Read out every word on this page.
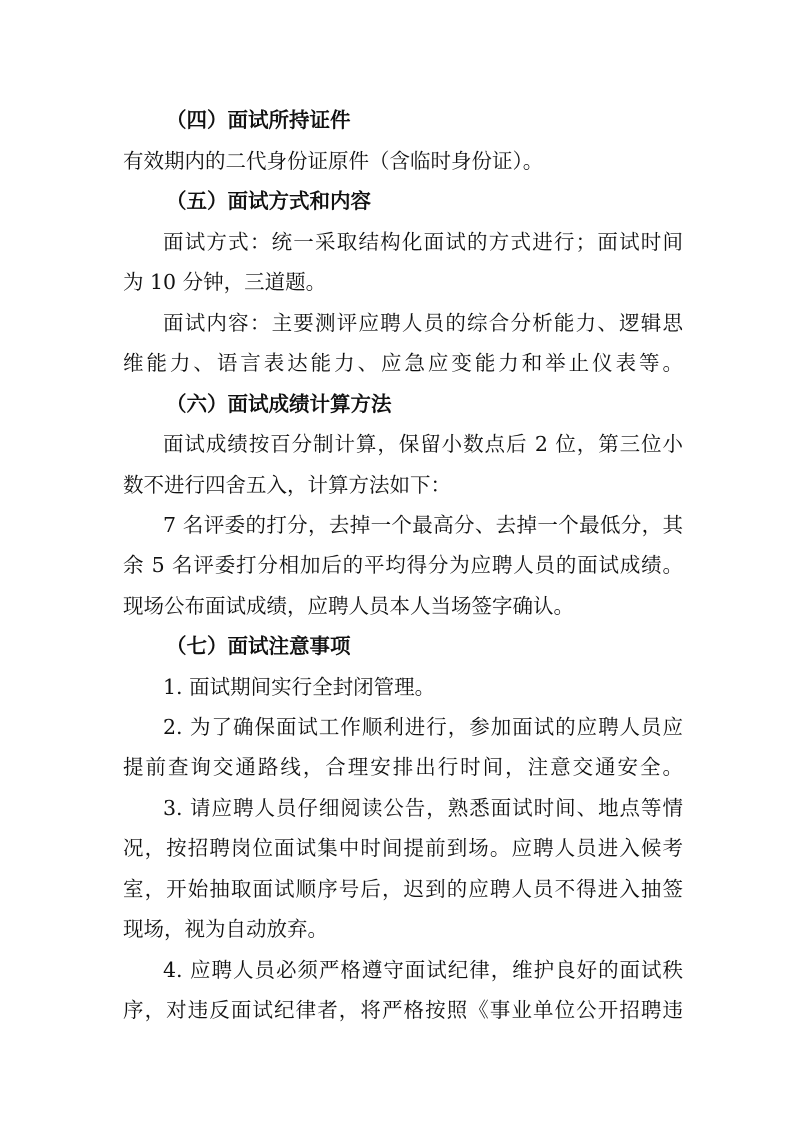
（四）面试所持证件
有效期内的二代身份证原件（含临时身份证）。
（五）面试方式和内容
面试方式：统一采取结构化面试的方式进行；面试时间
为 10 分钟，三道题。
面试内容：主要测评应聘人员的综合分析能力、逻辑思
维能力、语言表达能力、应急应变能力和举止仪表等。
（六）面试成绩计算方法
面试成绩按百分制计算，保留小数点后 2 位，第三位小
数不进行四舍五入，计算方法如下：
7 名评委的打分，去掉一个最高分、去掉一个最低分，其
余 5 名评委打分相加后的平均得分为应聘人员的面试成绩。
现场公布面试成绩，应聘人员本人当场签字确认。
（七）面试注意事项
1. 面试期间实行全封闭管理。
2. 为了确保面试工作顺利进行，参加面试的应聘人员应
提前查询交通路线，合理安排出行时间，注意交通安全。
3. 请应聘人员仔细阅读公告，熟悉面试时间、地点等情
况，按招聘岗位面试集中时间提前到场。应聘人员进入候考
室，开始抽取面试顺序号后，迟到的应聘人员不得进入抽签
现场，视为自动放弃。
4. 应聘人员必须严格遵守面试纪律，维护良好的面试秩
序，对违反面试纪律者，将严格按照《事业单位公开招聘违
